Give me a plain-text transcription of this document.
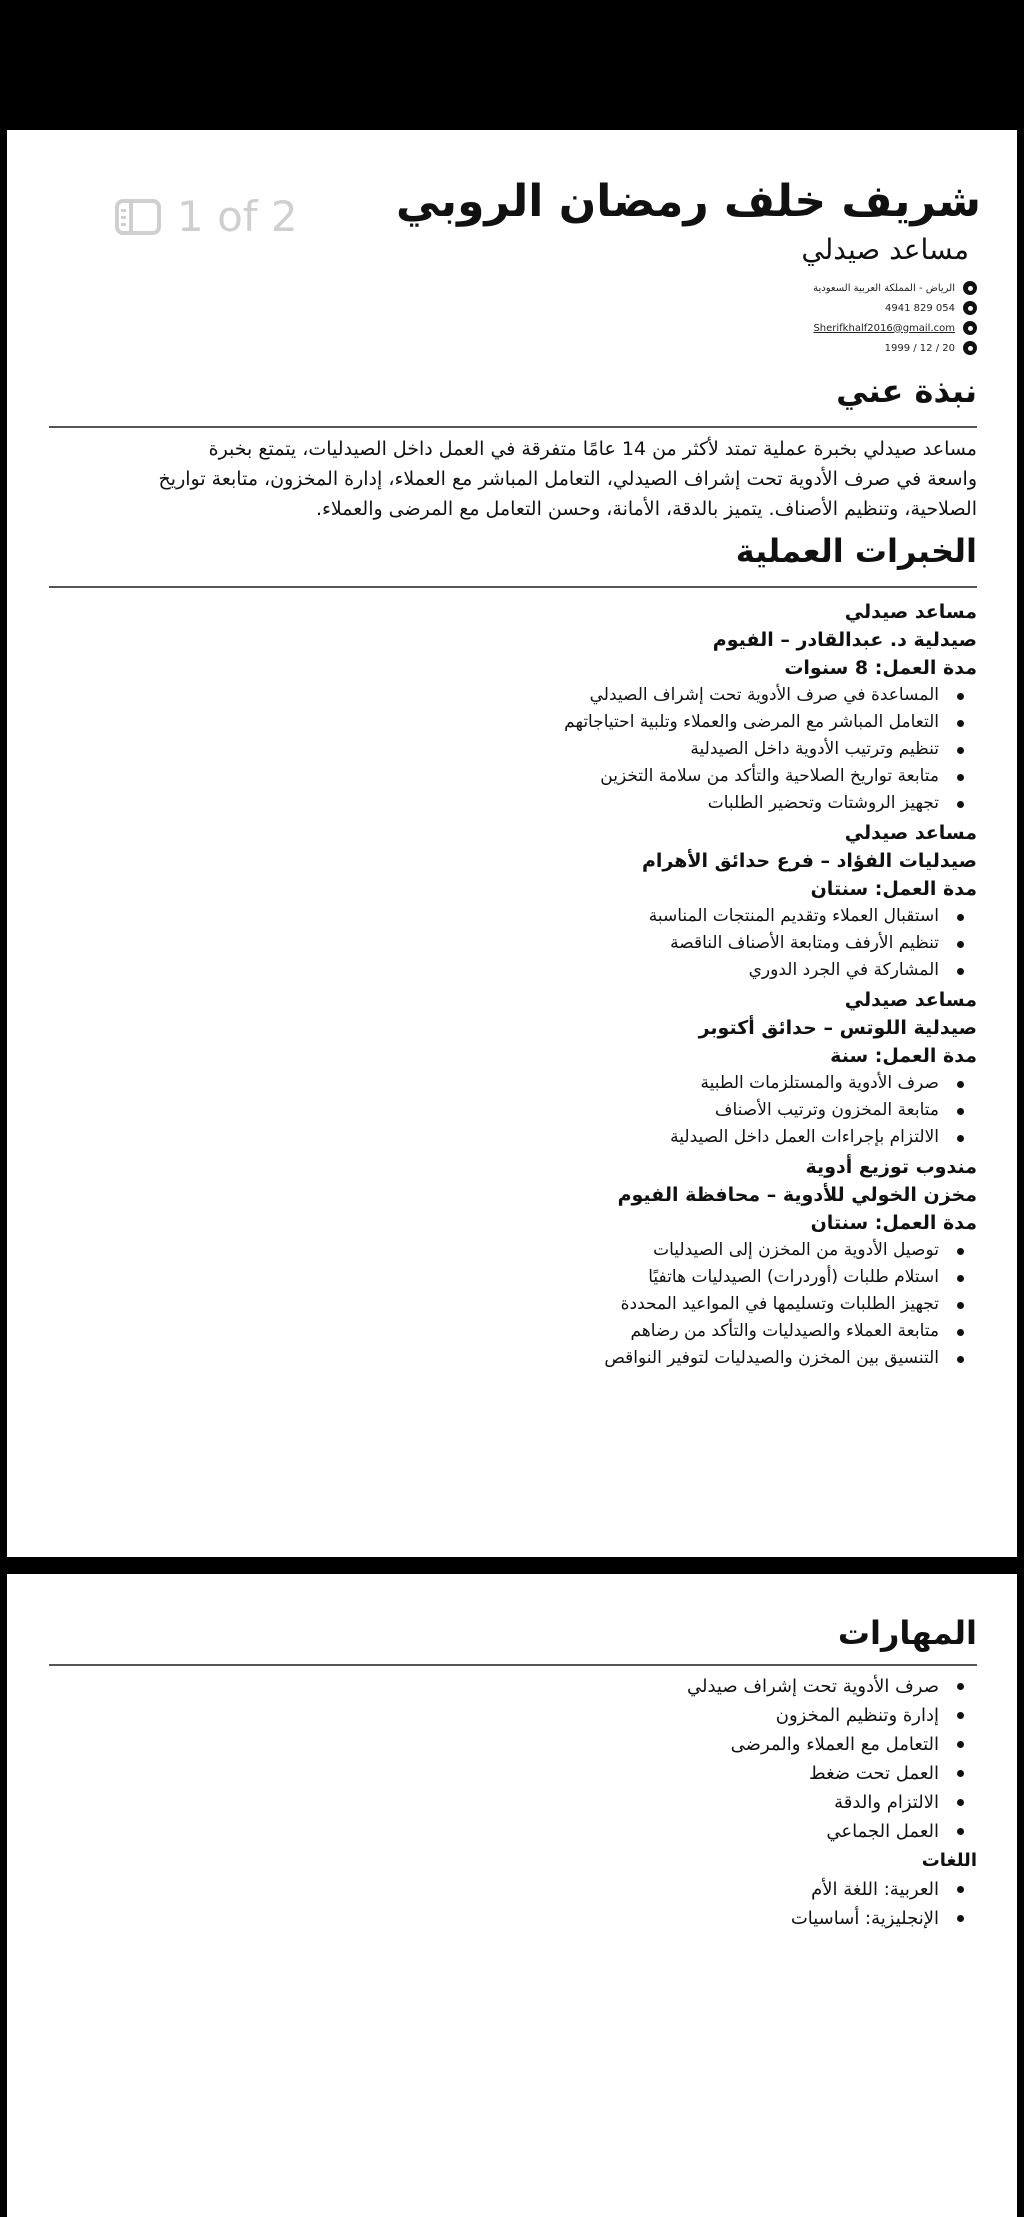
1 of 2 شريف خلف رمضان الروبي
مساعد صيدلي
الرياض - المملكة العربية السعودية
054 829 4941
Sherifkhalf2016@gmail.com
20 / 12 / 1999
نبذة عني
مساعد صيدلي بخبرة عملية تمتد لأكثر من 14 عامًا متفرقة في العمل داخل الصيدليات، يتمتع بخبرة واسعة في صرف الأدوية تحت إشراف الصيدلي، التعامل المباشر مع العملاء، إدارة المخزون، متابعة تواريخ الصلاحية، وتنظيم الأصناف. يتميز بالدقة، الأمانة، وحسن التعامل مع المرضى والعملاء.
الخبرات العملية
مساعد صيدلي
صيدلية د. عبدالقادر – الفيوم
مدة العمل: 8 سنوات
المساعدة في صرف الأدوية تحت إشراف الصيدلي
التعامل المباشر مع المرضى والعملاء وتلبية احتياجاتهم
تنظيم وترتيب الأدوية داخل الصيدلية
متابعة تواريخ الصلاحية والتأكد من سلامة التخزين
تجهيز الروشتات وتحضير الطلبات
مساعد صيدلي
صيدليات الفؤاد – فرع حدائق الأهرام
مدة العمل: سنتان
استقبال العملاء وتقديم المنتجات المناسبة
تنظيم الأرفف ومتابعة الأصناف الناقصة
المشاركة في الجرد الدوري
مساعد صيدلي
صيدلية اللوتس – حدائق أكتوبر
مدة العمل: سنة
صرف الأدوية والمستلزمات الطبية
متابعة المخزون وترتيب الأصناف
الالتزام بإجراءات العمل داخل الصيدلية
مندوب توزيع أدوية
مخزن الخولي للأدوية – محافظة الفيوم
مدة العمل: سنتان
توصيل الأدوية من المخزن إلى الصيدليات
استلام طلبات (أوردرات) الصيدليات هاتفيًا
تجهيز الطلبات وتسليمها في المواعيد المحددة
متابعة العملاء والصيدليات والتأكد من رضاهم
التنسيق بين المخزن والصيدليات لتوفير النواقص
المهارات
صرف الأدوية تحت إشراف صيدلي
إدارة وتنظيم المخزون
التعامل مع العملاء والمرضى
العمل تحت ضغط
الالتزام والدقة
العمل الجماعي
اللغات
العربية: اللغة الأم
الإنجليزية: أساسيات
